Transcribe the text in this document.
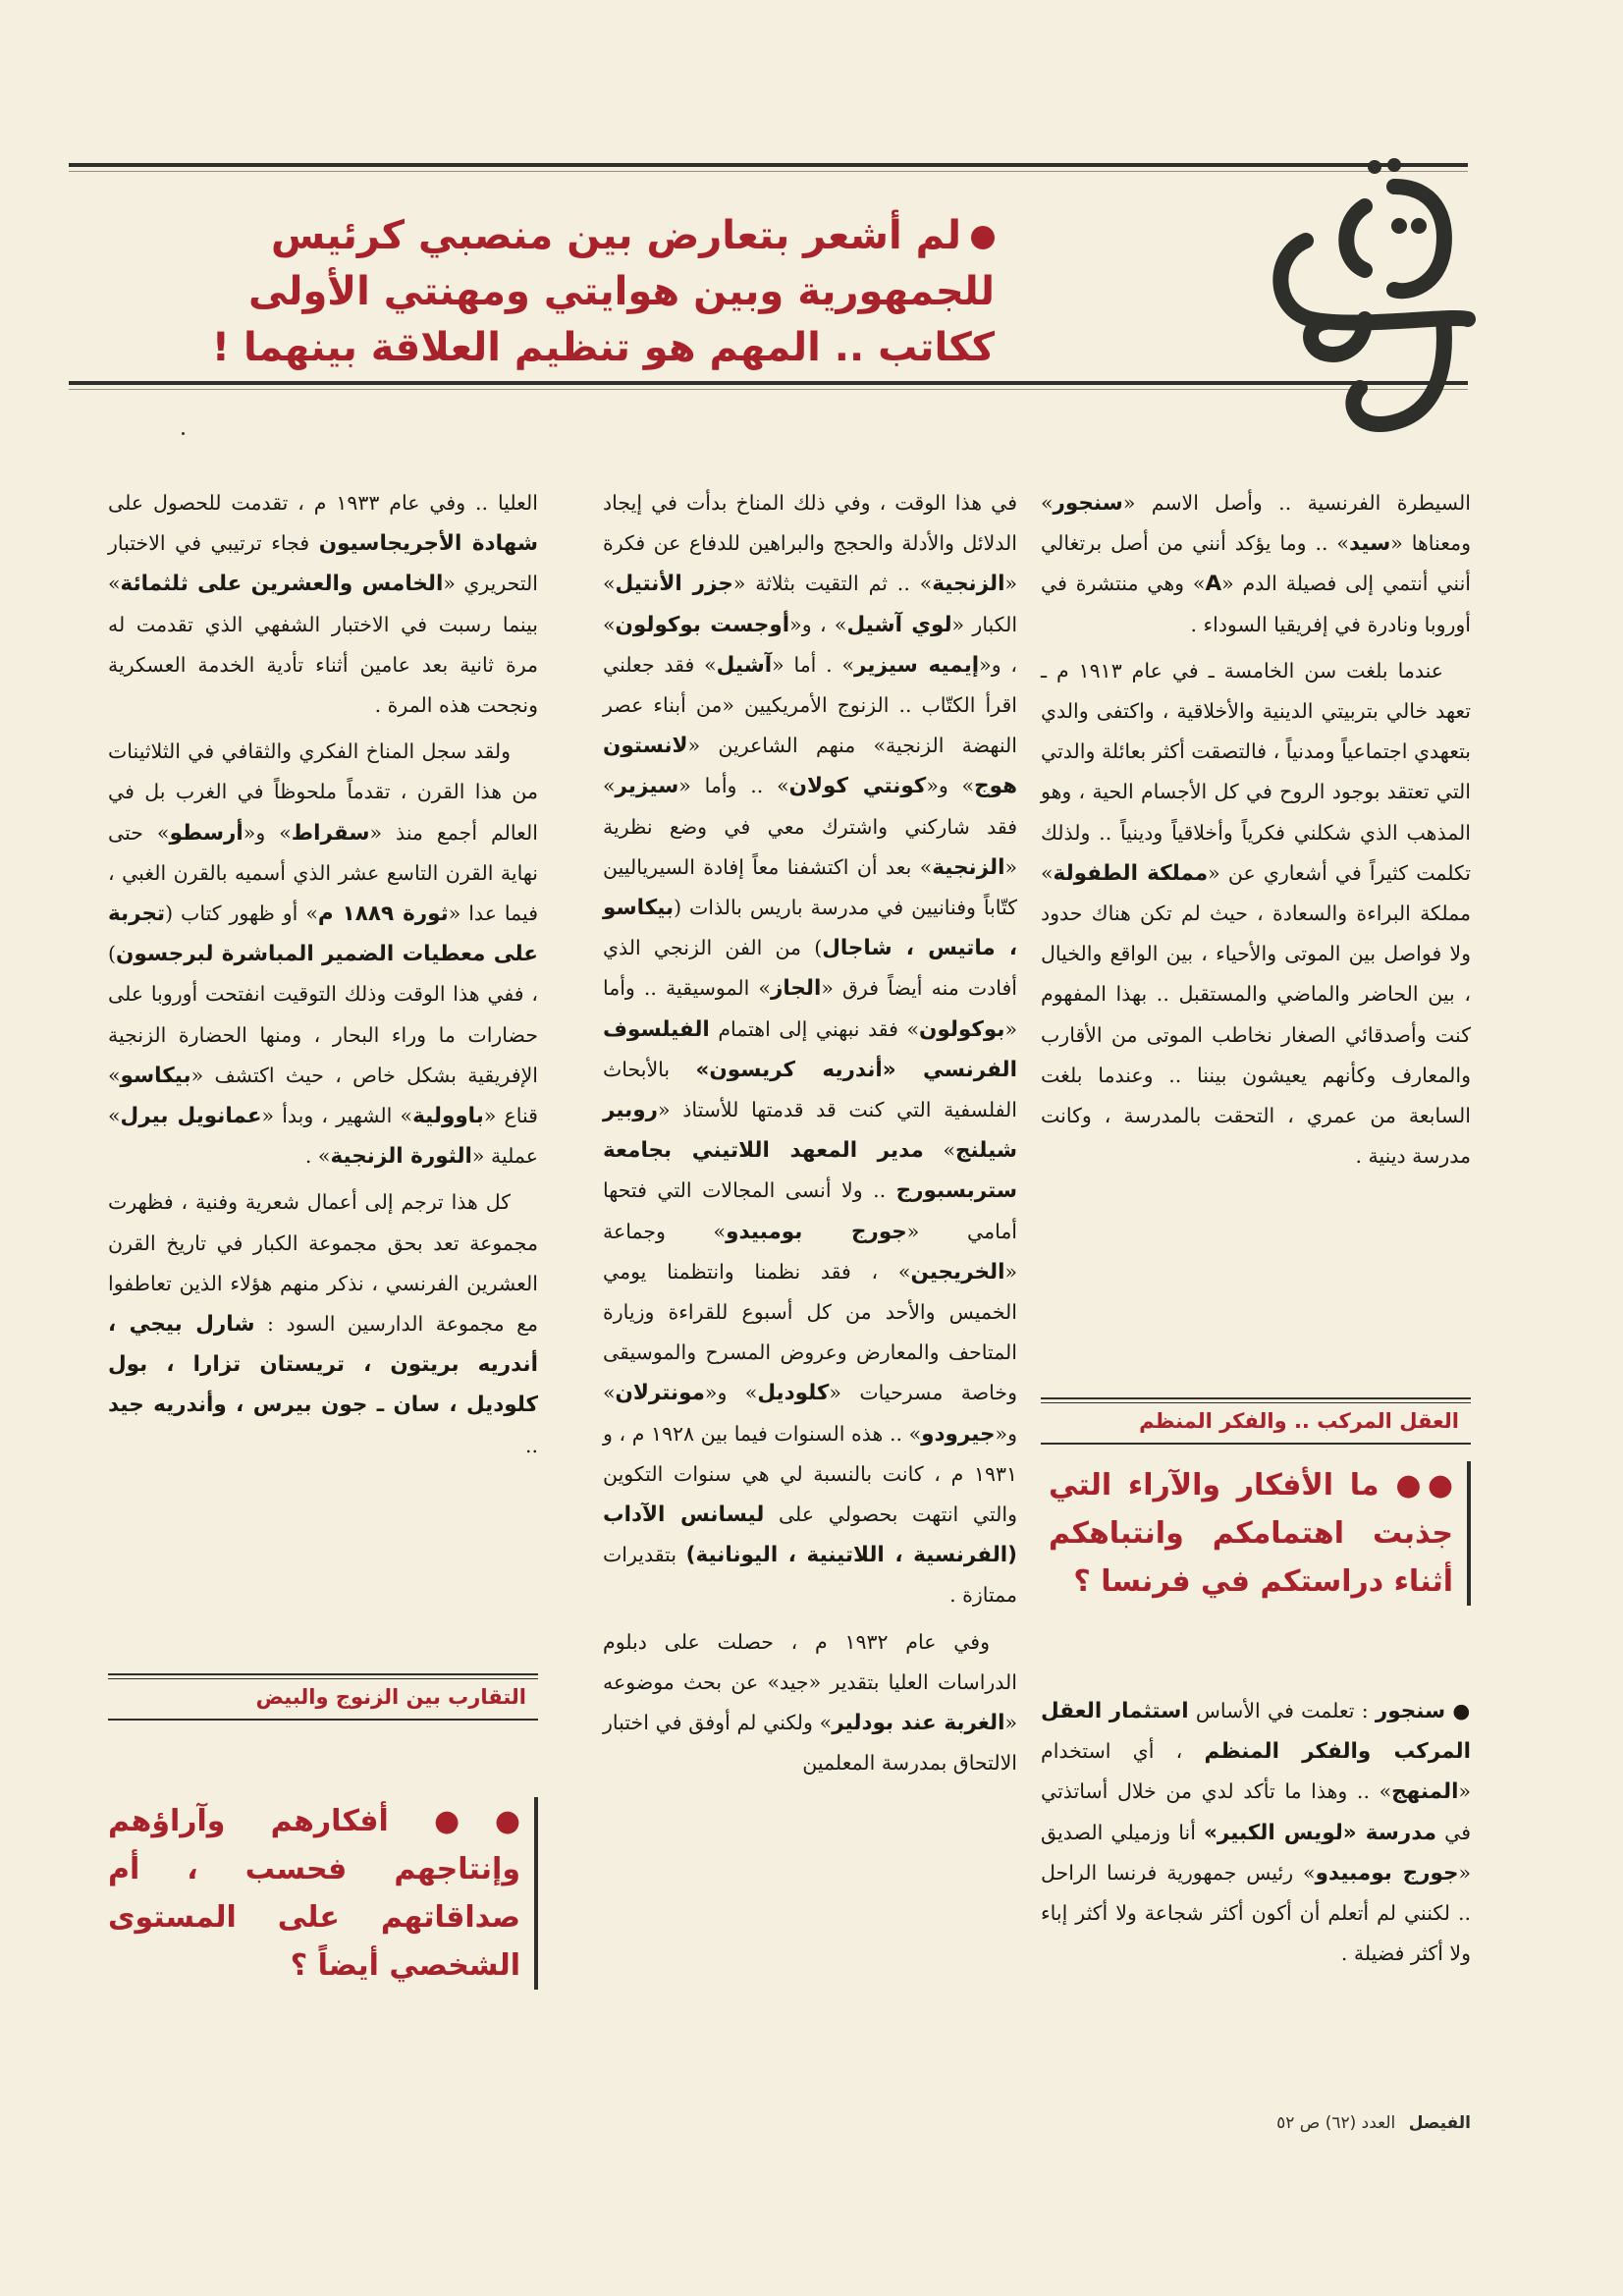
لم أشعر بتعارض بين منصبي كرئيس
للجمهورية وبين هوايتي ومهنتي الأولى
ككاتب .. المهم هو تنظيم العلاقة بينهما !

السيطرة الفرنسية .. وأصل الاسم «سنجور» ومعناها «سيد» .. وما يؤكد أنني من أصل برتغالي أنني أنتمي إلى فصيلة الدم «A» وهي منتشرة في أوروبا ونادرة في إفريقيا السوداء .

عندما بلغت سن الخامسة ـ في عام ١٩١٣ م ـ تعهد خالي بتربيتي الدينية والأخلاقية ، واكتفى والدي بتعهدي اجتماعياً ومدنياً ، فالتصقت أكثر بعائلة والدتي التي تعتقد بوجود الروح في كل الأجسام الحية ، وهو المذهب الذي شكلني فكرياً وأخلاقياً ودينياً .. ولذلك تكلمت كثيراً في أشعاري عن «مملكة الطفولة» مملكة البراءة والسعادة ، حيث لم تكن هناك حدود ولا فواصل بين الموتى والأحياء ، بين الواقع والخيال ، بين الحاضر والماضي والمستقبل .. بهذا المفهوم كنت وأصدقائي الصغار نخاطب الموتى من الأقارب والمعارف وكأنهم يعيشون بيننا .. وعندما بلغت السابعة من عمري ، التحقت بالمدرسة ، وكانت مدرسة دينية .

العقل المركب .. والفكر المنظم
●● ما الأفكار والآراء التي جذبت اهتمامكم وانتباهكم أثناء دراستكم في فرنسا ؟
● سنجور : تعلمت في الأساس استثمار العقل المركب والفكر المنظم ، أي استخدام «المنهج» .. وهذا ما تأكد لدي من خلال أساتذتي في مدرسة «لويس الكبير» أنا وزميلي الصديق «جورج بومبيدو» رئيس جمهورية فرنسا الراحل .. لكنني لم أتعلم أن أكون أكثر شجاعة ولا أكثر إباء ولا أكثر فضيلة .

في هذا الوقت ، وفي ذلك المناخ بدأت في إيجاد الدلائل والأدلة والحجج والبراهين للدفاع عن فكرة «الزنجية» .. ثم التقيت بثلاثة «جزر الأنتيل» الكبار «لوي آشيل» ، و«أوجست بوكولون» ، و«إيميه سيزير» . أما «آشيل» فقد جعلني اقرأ الكتّاب .. الزنوج الأمريكيين «من أبناء عصر النهضة الزنجية» منهم الشاعرين «لانستون هوج» و«كونتي كولان» .. وأما «سيزير» فقد شاركني واشترك معي في وضع نظرية «الزنجية» بعد أن اكتشفنا معاً إفادة السيرياليين كتّاباً وفنانيين في مدرسة باريس بالذات (بيكاسو ، ماتيس ، شاجال) من الفن الزنجي الذي أفادت منه أيضاً فرق «الجاز» الموسيقية .. وأما «بوكولون» فقد نبهني إلى اهتمام الفيلسوف الفرنسي «أندريه كريسون» بالأبحاث الفلسفية التي كنت قد قدمتها للأستاذ «روبير شيلنج» مدير المعهد اللاتيني بجامعة ستربسبورج .. ولا أنسى المجالات التي فتحها أمامي «جورج بومبيدو» وجماعة «الخريجين» ، فقد نظمنا وانتظمنا يومي الخميس والأحد من كل أسبوع للقراءة وزيارة المتاحف والمعارض وعروض المسرح والموسيقى وخاصة مسرحيات «كلوديل» و«مونترلان» و«جيرودو» .. هذه السنوات فيما بين ١٩٢٨ م ، و ١٩٣١ م ، كانت بالنسبة لي هي سنوات التكوين والتي انتهت بحصولي على ليسانس الآداب (الفرنسية ، اللاتينية ، اليونانية) بتقديرات ممتازة .

وفي عام ١٩٣٢ م ، حصلت على دبلوم الدراسات العليا بتقدير «جيد» عن بحث موضوعه «الغربة عند بودلير» ولكني لم أوفق في اختبار الالتحاق بمدرسة المعلمين

العليا .. وفي عام ١٩٣٣ م ، تقدمت للحصول على شهادة الأجريجاسيون فجاء ترتيبي في الاختبار التحريري «الخامس والعشرين على ثلثمائة» بينما رسبت في الاختبار الشفهي الذي تقدمت له مرة ثانية بعد عامين أثناء تأدية الخدمة العسكرية ونجحت هذه المرة .

ولقد سجل المناخ الفكري والثقافي في الثلاثينات من هذا القرن ، تقدماً ملحوظاً في الغرب بل في العالم أجمع منذ «سقراط» و«أرسطو» حتى نهاية القرن التاسع عشر الذي أسميه بالقرن الغبي ، فيما عدا «ثورة ١٨٨٩ م» أو ظهور كتاب (تجربة على معطيات الضمير المباشرة لبرجسون) ، ففي هذا الوقت وذلك التوقيت انفتحت أوروبا على حضارات ما وراء البحار ، ومنها الحضارة الزنجية الإفريقية بشكل خاص ، حيث اكتشف «بيكاسو» قناع «باوولية» الشهير ، وبدأ «عمانويل بيرل» عملية «الثورة الزنجية» .

كل هذا ترجم إلى أعمال شعرية وفنية ، فظهرت مجموعة تعد بحق مجموعة الكبار في تاريخ القرن العشرين الفرنسي ، نذكر منهم هؤلاء الذين تعاطفوا مع مجموعة الدارسين السود : شارل بيجي ، أندريه بريتون ، تريستان تزارا ، بول كلوديل ، سان ـ جون بيرس ، وأندريه جيد ..

التقارب بين الزنوج والبيض
●● أفكارهم وآراؤهم وإنتاجهم فحسب ، أم صداقاتهم على المستوى الشخصي أيضاً ؟
الفيصل العدد (٦٢) ص ٥٢
